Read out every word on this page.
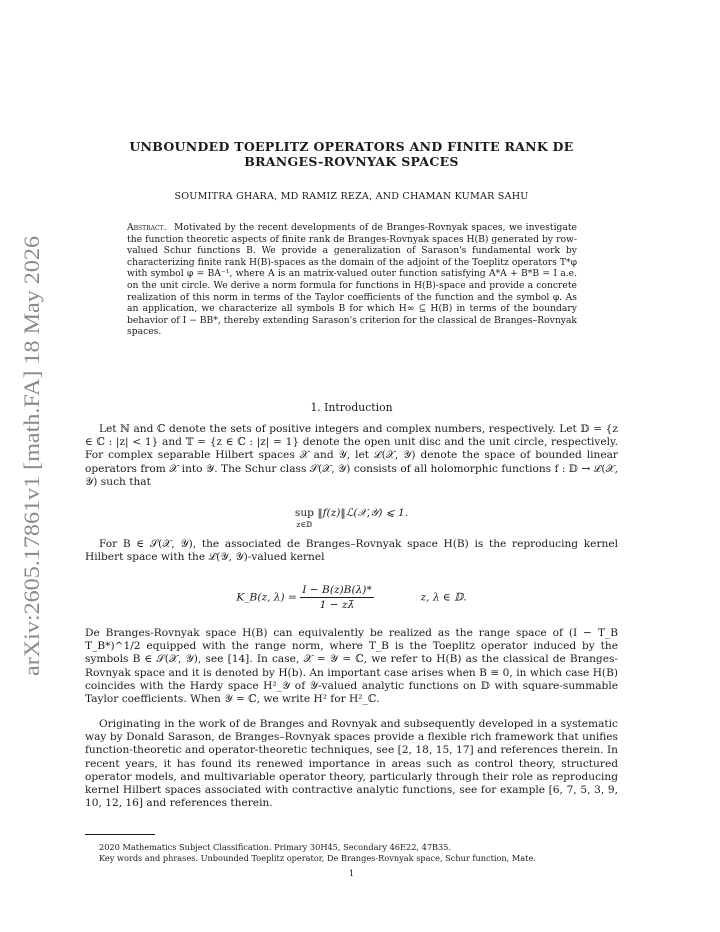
arXiv:2605.17861v1 [math.FA] 18 May 2026
UNBOUNDED TOEPLITZ OPERATORS AND FINITE RANK DE
BRANGES-ROVNYAK SPACES
SOUMITRA GHARA, MD RAMIZ REZA, AND CHAMAN KUMAR SAHU
Abstract. Motivated by the recent developments of de Branges-Rovnyak spaces, we investigate the function theoretic aspects of finite rank de Branges-Rovnyak spaces H(B) generated by row-valued Schur functions B. We provide a generalization of Sarason's fundamental work by characterizing finite rank H(B)-spaces as the domain of the adjoint of the Toeplitz operators T*φ with symbol φ = BA⁻¹, where A is an matrix-valued outer function satisfying A*A + B*B = I a.e. on the unit circle. We derive a norm formula for functions in H(B)-space and provide a concrete realization of this norm in terms of the Taylor coefficients of the function and the symbol φ. As an application, we characterize all symbols B for which H∞ ⊆ H(B) in terms of the boundary behavior of I − BB*, thereby extending Sarason's criterion for the classical de Branges–Rovnyak spaces.
1. Introduction

Let ℕ and ℂ denote the sets of positive integers and complex numbers, respectively. Let 𝔻 = {z ∈ ℂ : |z| < 1} and 𝕋 = {z ∈ ℂ : |z| = 1} denote the open unit disc and the unit circle, respectively. For complex separable Hilbert spaces 𝒳 and 𝒴, let ℒ(𝒳, 𝒴) denote the space of bounded linear operators from 𝒳 into 𝒴. The Schur class 𝒮(𝒳, 𝒴) consists of all holomorphic functions f : 𝔻 → ℒ(𝒳, 𝒴) such that

sup
z∈𝔻
‖f(z)‖ℒ(𝒳,𝒴) ⩽ 1.

For B ∈ 𝒮(𝒳, 𝒴), the associated de Branges–Rovnyak space H(B) is the reproducing kernel Hilbert space with the ℒ(𝒴, 𝒴)-valued kernel

K_B(z, $\lambda) = \frac{I - B(z)B(\lambda)*}{1 - z\lambdā}$	z, λ ∈ 𝔻.

De Branges-Rovnyak space H(B) can equivalently be realized as the range space of (I − T_B T_B*)^1/2 equipped with the range norm, where T_B is the Toeplitz operator induced by the symbols B ∈ 𝒮(𝒳, 𝒴), see [14]. In case, 𝒳 = 𝒴 = ℂ, we refer to H(B) as the classical de Branges-Rovnyak space and it is denoted by H(b). An important case arises when B ≡ 0, in which case H(B) coincides with the Hardy space H²_𝒴 of 𝒴-valued analytic functions on 𝔻 with square-summable Taylor coefficients. When 𝒴 = ℂ, we write H² for H²_ℂ.

Originating in the work of de Branges and Rovnyak and subsequently developed in a systematic way by Donald Sarason, de Branges–Rovnyak spaces provide a flexible rich framework that unifies function-theoretic and operator-theoretic techniques, see [2, 18, 15, 17] and references therein. In recent years, it has found its renewed importance in areas such as control theory, structured operator models, and multivariable operator theory, particularly through their role as reproducing kernel Hilbert spaces associated with contractive analytic functions, see for example [6, 7, 5, 3, 9, 10, 12, 16] and references therein.

2020 Mathematics Subject Classification. Primary 30H45, Secondary 46E22, 47B35.
Key words and phrases. Unbounded Toeplitz operator, De Branges-Rovnyak space, Schur function, Mate.
1
